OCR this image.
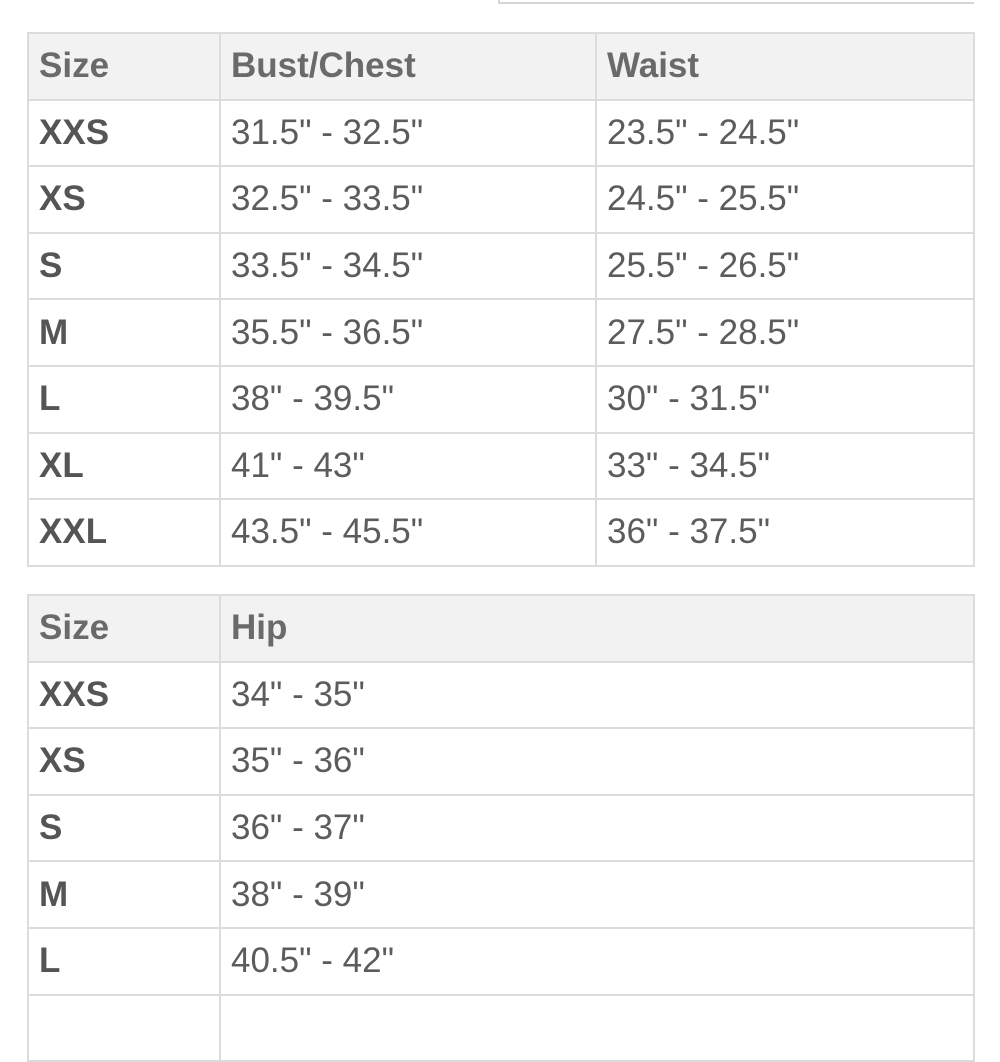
Size	Bust/Chest	Waist
XXS	31.5" - 32.5"	23.5" - 24.5"
XS	32.5" - 33.5"	24.5" - 25.5"
S	33.5" - 34.5"	25.5" - 26.5"
M	35.5" - 36.5"	27.5" - 28.5"
L	38" - 39.5"	30" - 31.5"
XL	41" - 43"	33" - 34.5"
XXL	43.5" - 45.5"	36" - 37.5"
Size	Hip
XXS	34" - 35"
XS	35" - 36"
S	36" - 37"
M	38" - 39"
L	40.5" - 42"
